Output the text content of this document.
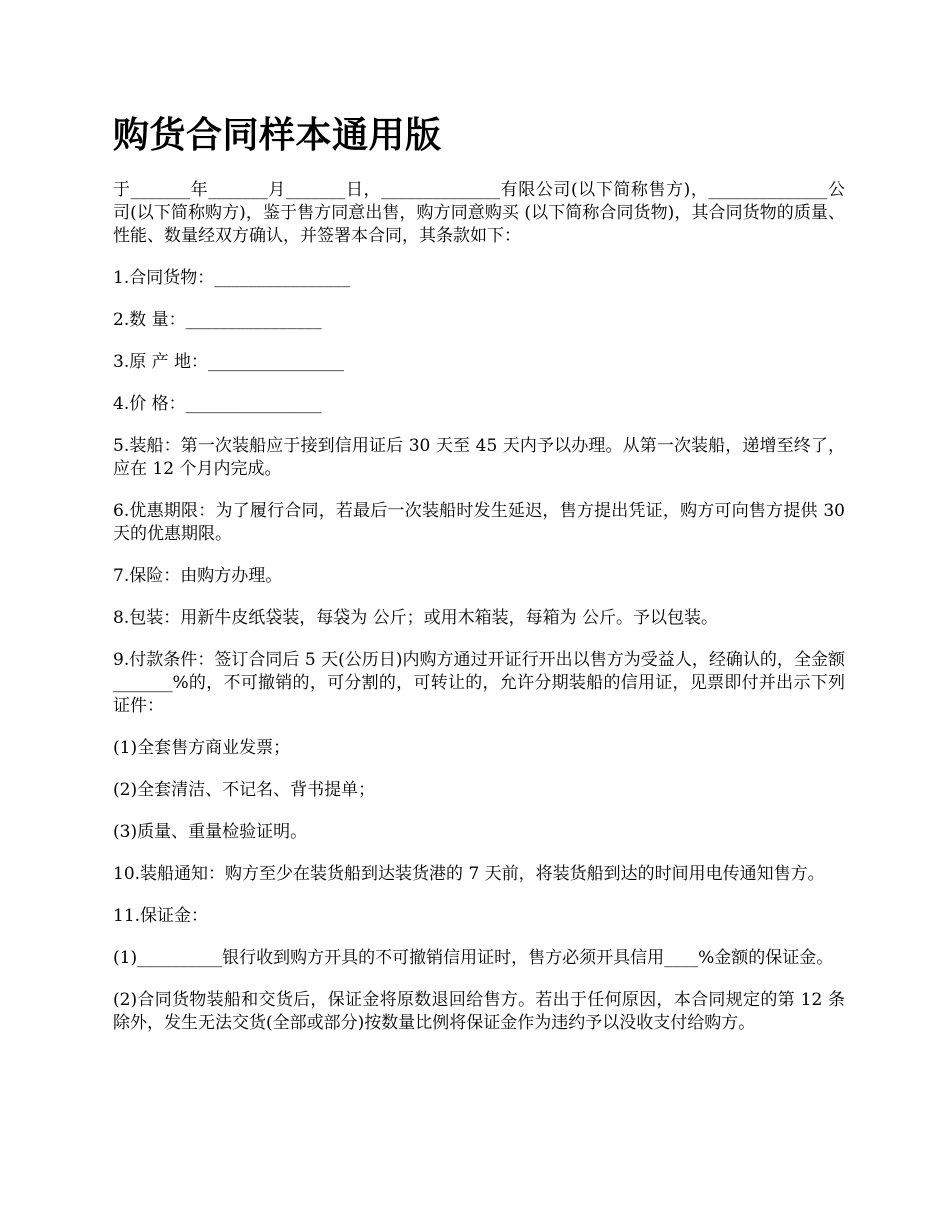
购货合同样本通用版

于_______年_______月_______日，______________有限公司(以下简称售方)，______________公司(以下简称购方)，鉴于售方同意出售，购方同意购买 (以下简称合同货物)，其合同货物的质量、性能、数量经双方确认，并签署本合同，其条款如下：

1.合同货物：________________

2.数 量：________________

3.原 产 地：________________

4.价 格：________________

5.装船：第一次装船应于接到信用证后 30 天至 45 天内予以办理。从第一次装船，递增至终了，应在 12 个月内完成。

6.优惠期限：为了履行合同，若最后一次装船时发生延迟，售方提出凭证，购方可向售方提供 30 天的优惠期限。

7.保险：由购方办理。

8.包装：用新牛皮纸袋装，每袋为 公斤；或用木箱装，每箱为 公斤。予以包装。

9.付款条件：签订合同后 5 天(公历日)内购方通过开证行开出以售方为受益人，经确认的，全金额_______%的，不可撤销的，可分割的，可转让的，允许分期装船的信用证，见票即付并出示下列证件：

(1)全套售方商业发票；

(2)全套清洁、不记名、背书提单；

(3)质量、重量检验证明。

10.装船通知：购方至少在装货船到达装货港的 7 天前，将装货船到达的时间用电传通知售方。

11.保证金：

(1)__________银行收到购方开具的不可撤销信用证时，售方必须开具信用____%金额的保证金。

(2)合同货物装船和交货后，保证金将原数退回给售方。若出于任何原因，本合同规定的第 12 条除外，发生无法交货(全部或部分)按数量比例将保证金作为违约予以没收支付给购方。
